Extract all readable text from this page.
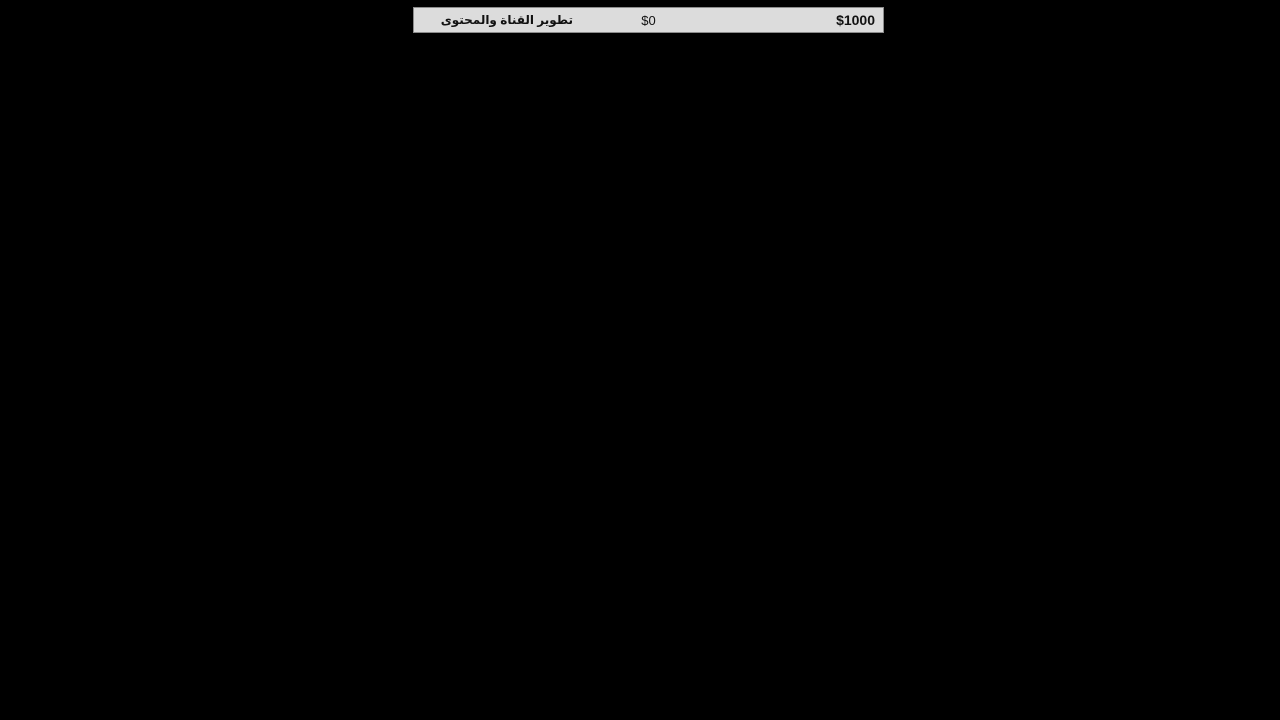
تطوير القناة والمحتوى	$0	$1000
